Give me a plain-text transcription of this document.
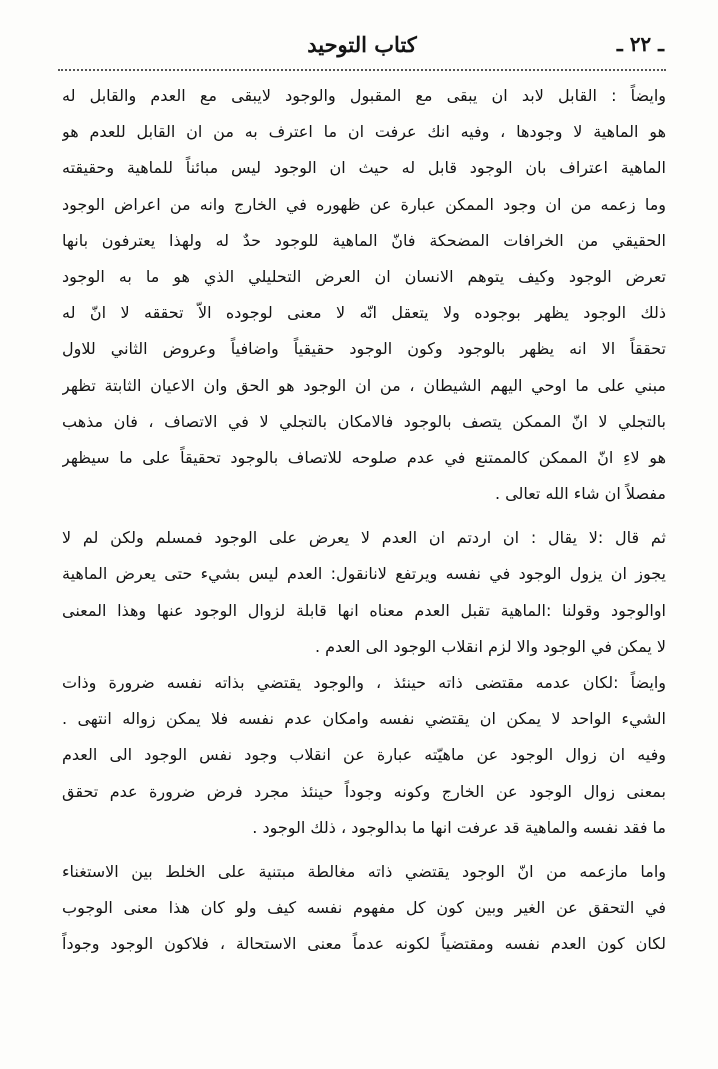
كتاب التوحيد	ـ ٢٢ ـ
وايضاً : القابل لابد ان يبقى مع المقبول والوجود لايبقى مع العدم والقابل له
هو الماهية لا وجودها ، وفيه انك عرفت ان ما اعترف به من ان القابل للعدم هو
الماهية اعتراف بان الوجود قابل له حيث ان الوجود ليس مبائناً للماهية وحقيقته
وما زعمه من ان وجود الممكن عبارة عن ظهوره في الخارج وانه من اعراض الوجود
الحقيقي من الخرافات المضحكة فانّ الماهية للوجود حدٌ له ولهذا يعترفون بانها
تعرض الوجود وكيف يتوهم الانسان ان العرض التحليلي الذي هو ما به الوجود
ذلك الوجود يظهر بوجوده ولا يتعقل انّه لا معنى لوجوده الاّ تحققه لا انّ له
تحققاً الا انه يظهر بالوجود وكون الوجود حقيقياً واضافياً وعروض الثاني للاول
مبني على ما اوحي اليهم الشيطان ، من ان الوجود هو الحق وان الاعيان الثابتة تظهر
بالتجلي لا انّ الممكن يتصف بالوجود فالامكان بالتجلي لا في الاتصاف ، فان مذهب
هو لاءِ انّ الممكن كالممتنع في عدم صلوحه للاتصاف بالوجود تحقيقاً على ما سيظهر
مفصلاً ان شاء الله تعالى .
ثم قال :لا يقال : ان اردتم ان العدم لا يعرض على الوجود فمسلم ولكن لم لا
يجوز ان يزول الوجود في نفسه ويرتفع لانانقول: العدم ليس بشيء حتى يعرض الماهية
اوالوجود وقولنا :الماهية تقبل العدم معناه انها قابلة لزوال الوجود عنها وهذا المعنى
لا يمكن في الوجود والا لزم انقلاب الوجود الى العدم .
وايضاً :لكان عدمه مقتضى ذاته حينئذ ، والوجود يقتضي بذاته نفسه ضرورة وذات
الشيء الواحد لا يمكن ان يقتضي نفسه وامكان عدم نفسه فلا يمكن زواله انتهى .
وفيه ان زوال الوجود عن ماهيّته عبارة عن انقلاب وجود نفس الوجود الى العدم
بمعنى زوال الوجود عن الخارج وكونه وجوداً حينئذ مجرد فرض ضرورة عدم تحقق
ما فقد نفسه والماهية قد عرفت انها ما بدالوجود ، ذلك الوجود .
واما مازعمه من انّ الوجود يقتضي ذاته مغالطة مبتنية على الخلط بين الاستغناء
في التحقق عن الغير وبين كون كل مفهوم نفسه كيف ولو كان هذا معنى الوجوب
لكان كون العدم نفسه ومقتضياً لكونه عدماً معنى الاستحالة ، فلاكون الوجود وجوداً
